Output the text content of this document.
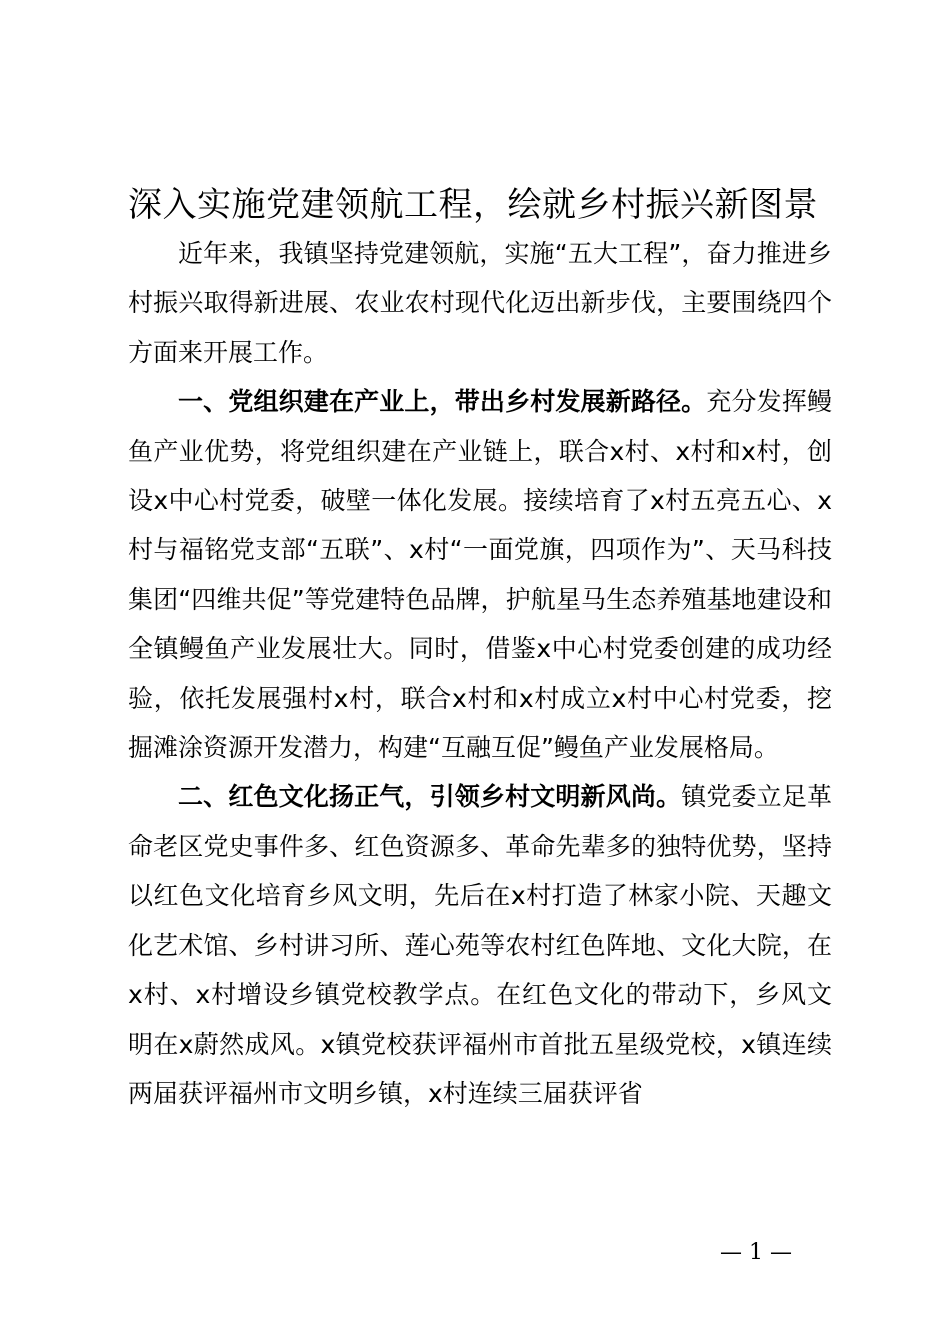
深入实施党建领航工程，绘就乡村振兴新图景

近年来，我镇坚持党建领航，实施“五大工程”，奋力推进乡村振兴取得新进展、农业农村现代化迈出新步伐，主要围绕四个方面来开展工作。

一、党组织建在产业上，带出乡村发展新路径。充分发挥鳗鱼产业优势，将党组织建在产业链上，联合x村、x村和x村，创设x中心村党委，破壁一体化发展。接续培育了x村五亮五心、x村与福铭党支部“五联”、x村“一面党旗，四项作为”、天马科技集团“四维共促”等党建特色品牌，护航星马生态养殖基地建设和全镇鳗鱼产业发展壮大。同时，借鉴x中心村党委创建的成功经验，依托发展强村x村，联合x村和x村成立x村中心村党委，挖掘滩涂资源开发潜力，构建“互融互促”鳗鱼产业发展格局。

二、红色文化扬正气，引领乡村文明新风尚。镇党委立足革命老区党史事件多、红色资源多、革命先辈多的独特优势，坚持以红色文化培育乡风文明，先后在x村打造了林家小院、天趣文化艺术馆、乡村讲习所、莲心苑等农村红色阵地、文化大院，在x村、x村增设乡镇党校教学点。在红色文化的带动下，乡风文明在x蔚然成风。x镇党校获评福州市首批五星级党校，x镇连续两届获评福州市文明乡镇，x村连续三届获评省

— 1 —
